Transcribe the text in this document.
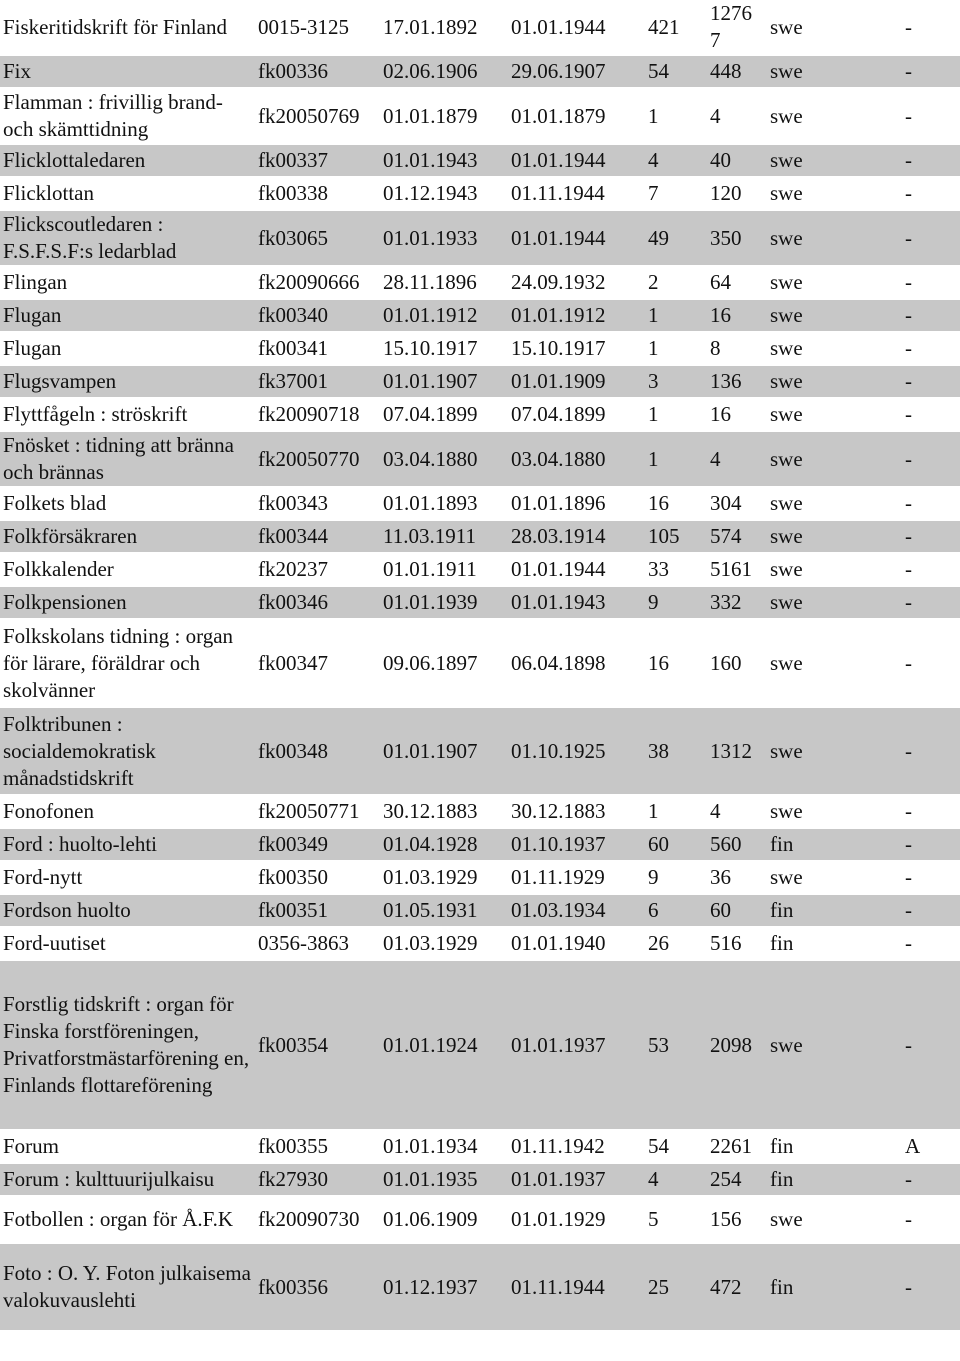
Fiskeritidskrift för Finland	0015-3125	17.01.1892	01.01.1944	421	1276 7	swe	-
Fix	fk00336	02.06.1906	29.06.1907	54	448	swe	-
Flamman : frivillig brand- och skämttidning	fk20050769	01.01.1879	01.01.1879	1	4	swe	-
Flicklottaledaren	fk00337	01.01.1943	01.01.1944	4	40	swe	-
Flicklottan	fk00338	01.12.1943	01.11.1944	7	120	swe	-
Flickscoutledaren : F.S.F.S.F:s ledarblad	fk03065	01.01.1933	01.01.1944	49	350	swe	-
Flingan	fk20090666	28.11.1896	24.09.1932	2	64	swe	-
Flugan	fk00340	01.01.1912	01.01.1912	1	16	swe	-
Flugan	fk00341	15.10.1917	15.10.1917	1	8	swe	-
Flugsvampen	fk37001	01.01.1907	01.01.1909	3	136	swe	-
Flyttfågeln : ströskrift	fk20090718	07.04.1899	07.04.1899	1	16	swe	-
Fnösket : tidning att bränna och brännas	fk20050770	03.04.1880	03.04.1880	1	4	swe	-
Folkets blad	fk00343	01.01.1893	01.01.1896	16	304	swe	-
Folkförsäkraren	fk00344	11.03.1911	28.03.1914	105	574	swe	-
Folkkalender	fk20237	01.01.1911	01.01.1944	33	5161	swe	-
Folkpensionen	fk00346	01.01.1939	01.01.1943	9	332	swe	-
Folkskolans tidning : organ för lärare, föräldrar och skolvänner	fk00347	09.06.1897	06.04.1898	16	160	swe	-
Folktribunen : socialdemokratisk månadstidskrift	fk00348	01.01.1907	01.10.1925	38	1312	swe	-
Fonofonen	fk20050771	30.12.1883	30.12.1883	1	4	swe	-
Ford : huolto-lehti	fk00349	01.04.1928	01.10.1937	60	560	fin	-
Ford-nytt	fk00350	01.03.1929	01.11.1929	9	36	swe	-
Fordson huolto	fk00351	01.05.1931	01.03.1934	6	60	fin	-
Ford-uutiset	0356-3863	01.03.1929	01.01.1940	26	516	fin	-
Forstlig tidskrift : organ för Finska forstföreningen, Privatforstmästarförening en, Finlands flottareförening	fk00354	01.01.1924	01.01.1937	53	2098	swe	-
Forum	fk00355	01.01.1934	01.11.1942	54	2261	fin	A
Forum : kulttuurijulkaisu	fk27930	01.01.1935	01.01.1937	4	254	fin	-
Fotbollen : organ för Å.F.K	fk20090730	01.06.1909	01.01.1929	5	156	swe	-
Foto : O. Y. Foton julkaisema valokuvauslehti	fk00356	01.12.1937	01.11.1944	25	472	fin	-
